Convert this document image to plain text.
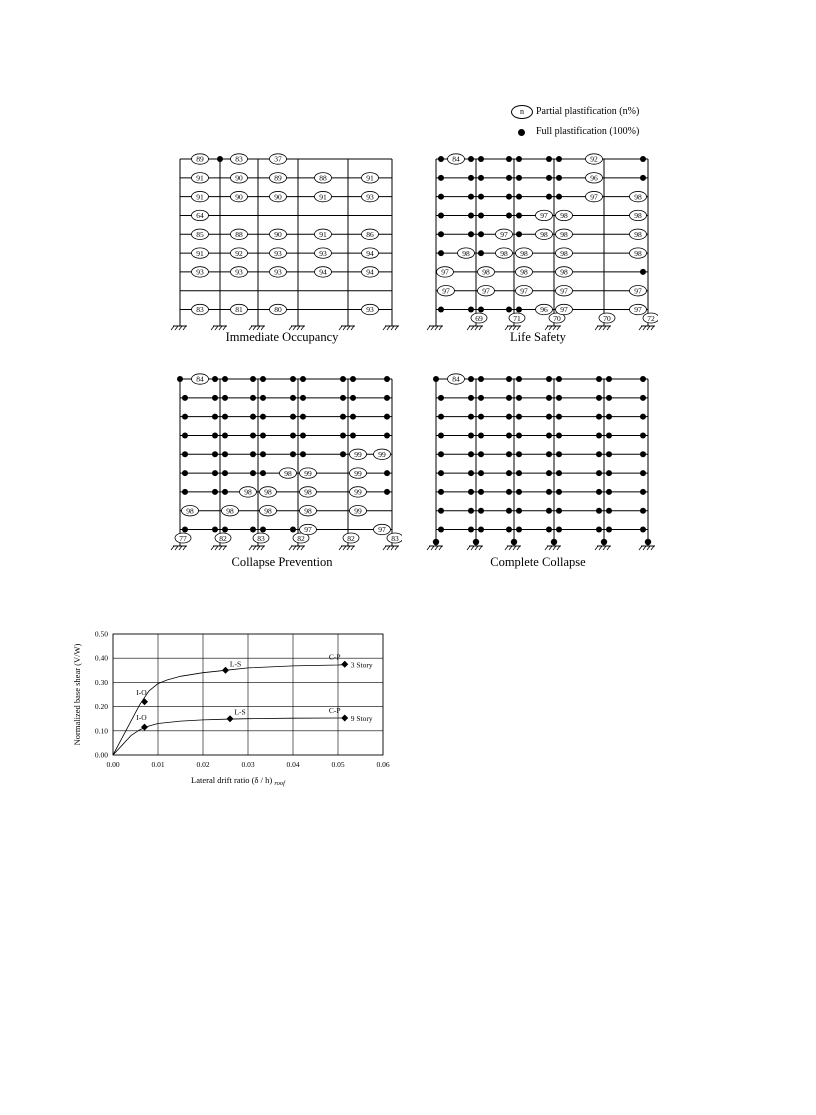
n	Partial plastification (n%)
Full plastification (100%)
89	83	37
91	90	89	88	91
91	90	90	91	93
64
85	88	90	91	86
91	92	93	93	94
93	93	93	94	94
83	81	80	93
Immediate Occupancy
69	71	70	70	72
84	92
96
97	98
97 98	98
97	98 98	98
98	98 98	98	98
97	98	98	98
97	97	97	97	97
96 97	97
Life Safety
77	82	83	82	82	83
84
99 99
98 99	99
98 98	98	99
98	98	98	98	99
97	97
Collapse Prevention
84
Complete Collapse
0.00	0.01	0.02	0.03	0.04	0.05	0.06
0.00
0.10
0.20
0.30
0.40
0.50
Lateral drift ratio (δ / h) $_{roof}$
Normalized base shear (V/W)	I-O
L-S
C-P
3 Story
I-O
L-S	C-P
9 Story
